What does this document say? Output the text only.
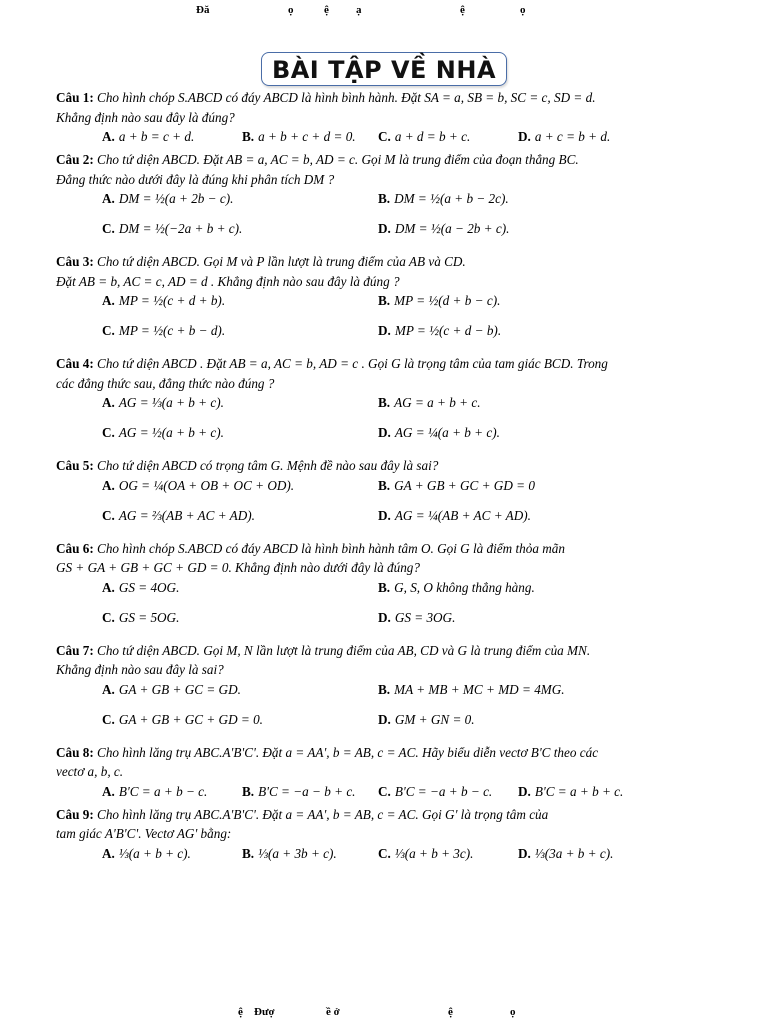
Đă	ọ	ệ ạ	ệ	ọ
BÀI TẬP VỀ NHÀ
Câu 1: Cho hình chóp S.ABCD có đáy ABCD là hình bình hành. Đặt SA = a, SB = b, SC = c, SD = d.
Khẳng định nào sau đây là đúng?
A. a + b = c + d.	B. a + b + c + d = 0. C. a + d = b + c.	D. a + c = b + d.
Câu 2: Cho tứ diện ABCD. Đặt AB = a, AC = b, AD = c. Gọi M là trung điểm của đoạn thẳng BC.
Đẳng thức nào dưới đây là đúng khi phân tích DM ?
A. DM = ½(a + 2b − c).	B. DM = ½(a + b − 2c).
C. DM = ½(−2a + b + c).	D. DM = ½(a − 2b + c).
Câu 3: Cho tứ diện ABCD. Gọi M và P lần lượt là trung điểm của AB và CD.
Đặt AB = b, AC = c, AD = d . Khẳng định nào sau đây là đúng ?
A. MP = ½(c + d + b).	B. MP = ½(d + b − c).
C. MP = ½(c + b − d).	D. MP = ½(c + d − b).
Câu 4: Cho tứ diện ABCD . Đặt AB = a, AC = b, AD = c . Gọi G là trọng tâm của tam giác BCD. Trong
các đẳng thức sau, đẳng thức nào đúng ?
A. AG = ⅓(a + b + c).	B. AG = a + b + c.
C. AG = ½(a + b + c).	D. AG = ¼(a + b + c).
Câu 5: Cho tứ diện ABCD có trọng tâm G. Mệnh đề nào sau đây là sai?
A. OG = ¼(OA + OB + OC + OD).	B. GA + GB + GC + GD = 0
C. AG = ⅔(AB + AC + AD).	D. AG = ¼(AB + AC + AD).
Câu 6: Cho hình chóp S.ABCD có đáy ABCD là hình bình hành tâm O. Gọi G là điểm thỏa mãn
GS + GA + GB + GC + GD = 0. Khẳng định nào dưới đây là đúng?
A. GS = 4OG.	B. G, S, O không thẳng hàng.
C. GS = 5OG.	D. GS = 3OG.
Câu 7: Cho tứ diện ABCD. Gọi M, N lần lượt là trung điểm của AB, CD và G là trung điểm của MN.
Khẳng định nào sau đây là sai?
A. GA + GB + GC = GD.	B. MA + MB + MC + MD = 4MG.
C. GA + GB + GC + GD = 0.	D. GM + GN = 0.
Câu 8: Cho hình lăng trụ ABC.A'B'C'. Đặt a = AA', b = AB, c = AC. Hãy biểu diễn vectơ B'C theo các
vectơ a, b, c.
A. B'C = a + b − c.	B. B'C = −a − b + c. C. B'C = −a + b − c. D. B'C = a + b + c.
Câu 9: Cho hình lăng trụ ABC.A'B'C'. Đặt a = AA', b = AB, c = AC. Gọi G' là trọng tâm của
tam giác A'B'C'. Vectơ AG' bằng:
A. ⅓(a + b + c).	B. ⅓(a + 3b + c).	C. ⅓(a + b + 3c).	D. ⅓(3a + b + c).
ệ Đượ	ề ở	ệ	ọ
